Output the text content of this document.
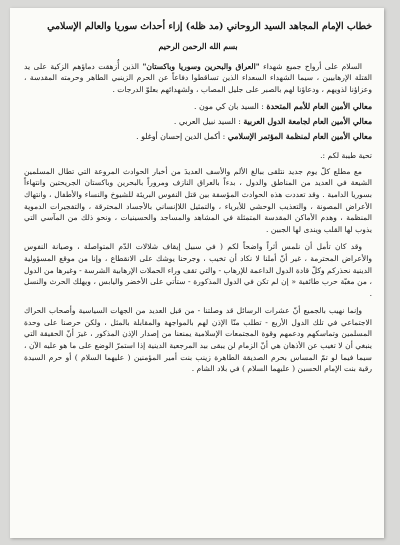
خطاب الإمام المجاهد السيد الروحاني (مد ظله) إزاء أحداث سوريا والعالم الإسلامي
بسم الله الرحمن الرحيم

السلام على أرواح جميع شهداء "العراق والبحرين وسوريا وباكستان" الذين أُزهقت دماؤهم الزكية على يد القتلة الإرهابيين ، سيما الشهداء السعداء الذين تساقطوا دفاعاً عن الحرم الزينبي الطاهر وحرمته المقدسة ، وعزاؤنا لذويهم ، ودعاؤنا لهم بالصبر على جليل المصاب ، ولشهدائهم بعلوّ الدرجات .

معالي الأمين العام للأمم المتحدة : السيد بان كي مون .

معالي الأمين العام لجامعة الدول العربية : السيد نبيل العربي .

معالي الأمين العام لمنظمة المؤتمر الإسلامي : أكمل الدين إحسان أوغلو .

تحية طيبة لكم :.

مع مطلع كلّ يوم جديد نتلقى ببالغ الألم والأسف العديدَ من أخبار الحوادث المروعة التي تطال المسلمين الشيعة في العديد من المناطق والدول ، بدءاً بالعراق النازف ومروراً بالبحرين وباكستان الجريحتين وانتهاءاً بسوريا الدامية . وقد تعددت هذه الحوادث المؤسفة بين قتل النفوس البريئة للشيوخ والنساء والأطفال ، وانتهاك الأعراض المصونة ، والتعذيب الوحشي للأبرياء ، والتمثيل اللاإنساني بالأجساد المحترقة ، والتفجيرات الدموية المنظمة ، وهدم الأماكن المقدسة المتمثلة في المشاهد والمساجد والحسينيات ، ونحو ذلك من المآسي التي يذوب لها القلب ويندى لها الجبين .

وقد كان تأمل أن نلمس أثراً واضحاً لكم ( في سبيل إيقاف شلالات الدّم المتواصلة ، وصيانة النفوس والأعراض المحترمة ، غير أنّ أملنا لا نكاد أن تخيب ، وجرحنا يوشك على الانقطاع ، وإنا من موقع المسؤولية الدينية نحذركم وكلّ قادة الدول الداعمة للإرهاب - والتي تقف وراء الحملات الإرهابية الشرسة - وغيرها من الدول ، من مغبّة حرب طائفية « إن لم تكن في الدول المذكورة - ستأتي على الأخضر واليابس ، ويهلك الحرث والنسل .

وإنما نهيب بالجميع أنّ عشرات الرسائل قد وصلتنا - من قبل العديد من الجهات السياسية وأصحاب الحراك الاجتماعي في تلك الدول الأربع - تطلب منّا الإذن لهم بالمواجهة والمقابلة بالمثل ، ولكن حرصنا على وحدة المسلمين وتماسكهم ودعمهم وقوة المجتمعات الإسلامية يمنعنا من إصدار الإذن المذكور ، غيرَ أنّ الحقيقة التي ينبغي أن لا تغيب عن الأذهان هي أنّ الزمام لن يبقى بيد المرجعية الدينية إذا استمرّ الوضع على ما هو عليه الآن ، سيما فيما لو تمّ المساس بحرم الصديقة الطاهرة زينب بنت أمير المؤمنين ( عليهما السلام ) أو حرم السيدة رقية بنت الإمام الحسين ( عليهما السلام ) في بلاد الشام .
